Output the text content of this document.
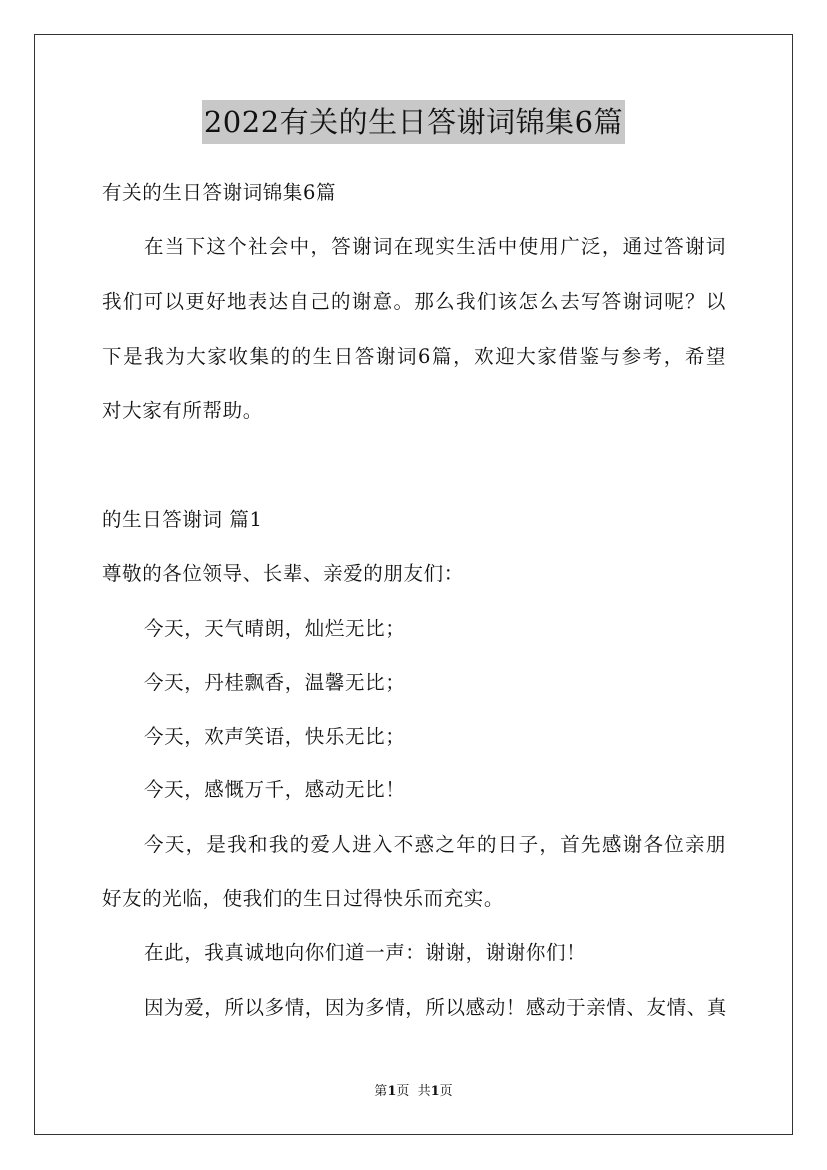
2022有关的生日答谢词锦集6篇
有关的生日答谢词锦集6篇
在当下这个社会中，答谢词在现实生活中使用广泛，通过答谢词
我们可以更好地表达自己的谢意。那么我们该怎么去写答谢词呢？以
下是我为大家收集的的生日答谢词6篇，欢迎大家借鉴与参考，希望
对大家有所帮助。
的生日答谢词 篇1
尊敬的各位领导、长辈、亲爱的朋友们：
今天，天气晴朗，灿烂无比；
今天，丹桂飘香，温馨无比；
今天，欢声笑语，快乐无比；
今天，感慨万千，感动无比！
今天，是我和我的爱人进入不惑之年的日子，首先感谢各位亲朋
好友的光临，使我们的生日过得快乐而充实。
在此，我真诚地向你们道一声：谢谢，谢谢你们！
因为爱，所以多情，因为多情，所以感动！感动于亲情、友情、真
第1页  共1页
